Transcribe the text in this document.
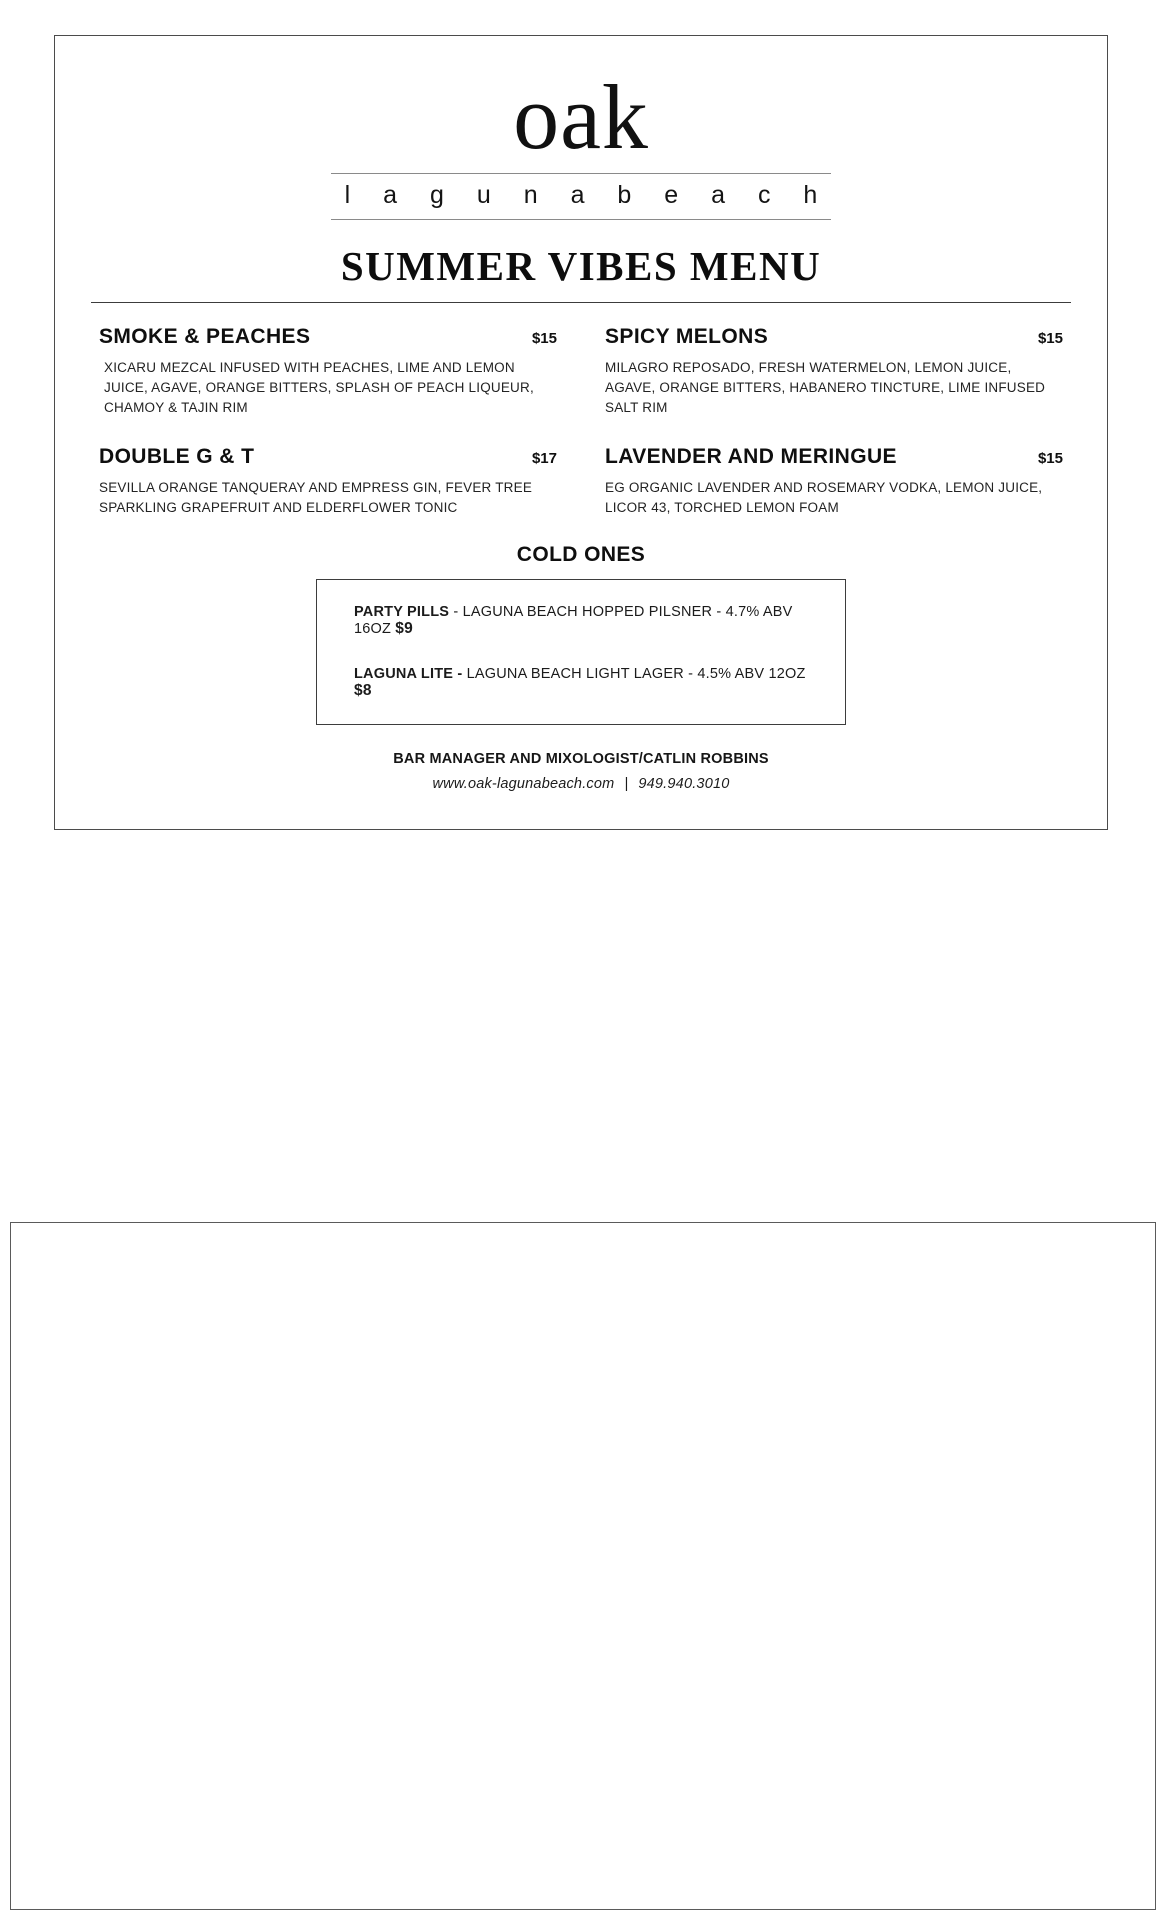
oak
l a g u n a b e a c h
SUMMER VIBES MENU
SMOKE & PEACHES	$15
XICARU MEZCAL INFUSED WITH PEACHES, LIME AND LEMON JUICE, AGAVE, ORANGE BITTERS, SPLASH OF PEACH LIQUEUR, CHAMOY & TAJIN RIM
DOUBLE G & T	$17
SEVILLA ORANGE TANQUERAY AND EMPRESS GIN, FEVER TREE SPARKLING GRAPEFRUIT AND ELDERFLOWER TONIC
SPICY MELONS	$15
MILAGRO REPOSADO, FRESH WATERMELON, LEMON JUICE, AGAVE, ORANGE BITTERS, HABANERO TINCTURE, LIME INFUSED SALT RIM
LAVENDER AND MERINGUE	$15
EG ORGANIC LAVENDER AND ROSEMARY VODKA, LEMON JUICE, LICOR 43, TORCHED LEMON FOAM
COLD ONES
PARTY PILLS - LAGUNA BEACH HOPPED PILSNER - 4.7% ABV 16OZ $9
LAGUNA LITE - LAGUNA BEACH LIGHT LAGER - 4.5% ABV 12OZ $8
BAR MANAGER AND MIXOLOGIST/CATLIN ROBBINS
www.oak-lagunabeach.com | 949.940.3010
